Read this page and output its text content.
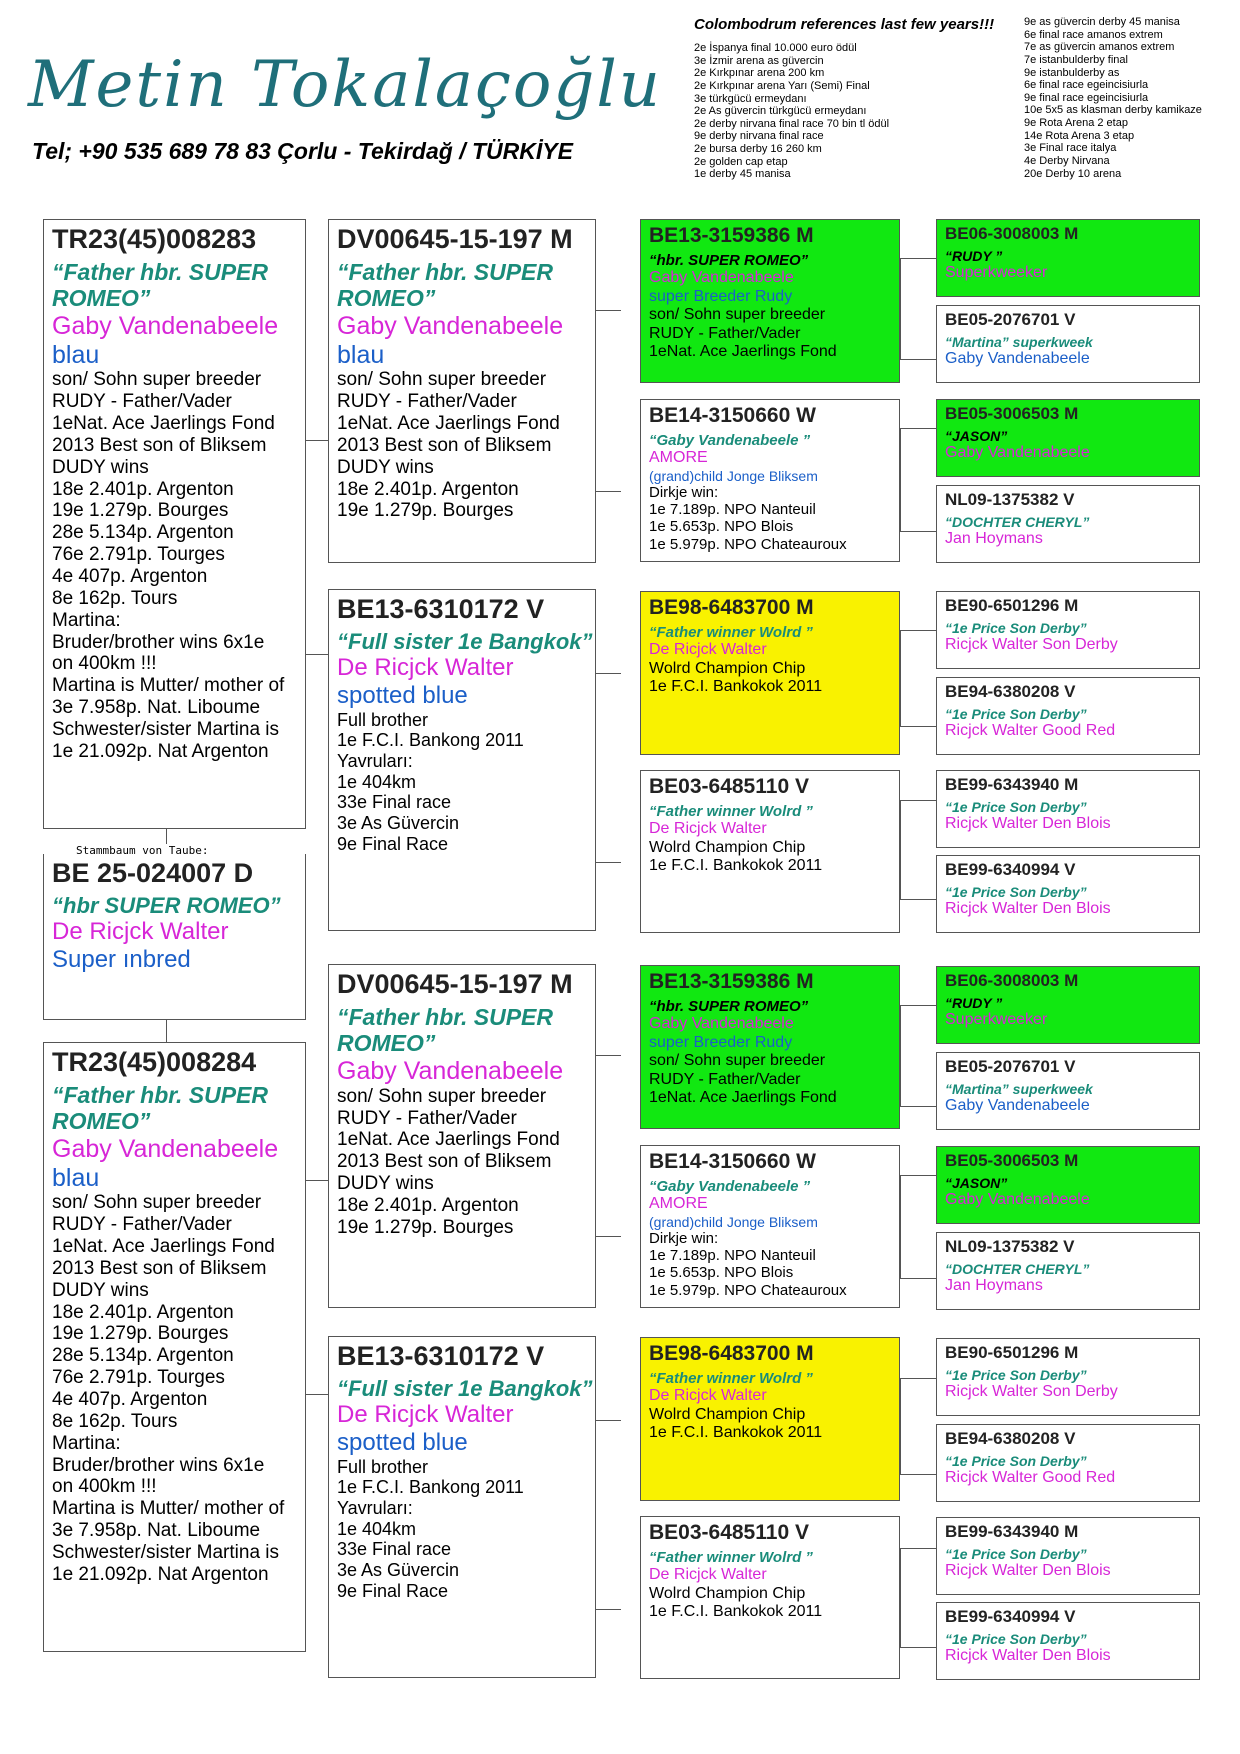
Metin Tokalaçoğlu
Tel; +90 535 689 78 83 Çorlu - Tekirdağ / TÜRKİYE
Colombodrum references last few years!!!
2e İspanya final 10.000 euro ödül
3e İzmir arena as güvercin
2e Kırkpınar arena 200 km
2e Kırkpınar arena Yarı (Semi) Final
3e türkgücü ermeydanı
2e As güvercin türkgücü ermeydanı
2e derby nirvana final race 70 bin tl ödül
9e derby nirvana final race
2e bursa derby 16 260 km
2e golden cap etap
1e derby 45 manisa
9e as güvercin derby 45 manisa
6e final race amanos extrem
7e as güvercin amanos extrem
7e istanbulderby final
9e istanbulderby as
6e final race egeincisiurla
9e final race egeincisiurla
10e 5x5 as klasman derby kamikaze
9e Rota Arena 2 etap
14e Rota Arena 3 etap
3e Final race italya
4e Derby Nirvana
20e Derby 10 arena
TR23(45)008283
“Father hbr. SUPER
ROMEO”
Gaby Vandenabeele
blau
son/ Sohn super breeder
RUDY - Father/Vader
1eNat. Ace Jaerlings Fond
2013 Best son of Bliksem
DUDY wins
18e 2.401p. Argenton
19e 1.279p. Bourges
28e 5.134p. Argenton
76e 2.791p. Tourges
4e 407p. Argenton
8e 162p. Tours
Martina:
Bruder/brother wins 6x1e
on 400km !!!
Martina is Mutter/ mother of
3e 7.958p. Nat. Liboume
Schwester/sister Martina is
1e 21.092p. Nat Argenton
BE 25-024007 D
“hbr SUPER ROMEO”
De Ricjck Walter
Super ınbred
Stammbaum von Taube:
TR23(45)008284
“Father hbr. SUPER
ROMEO”
Gaby Vandenabeele
blau
son/ Sohn super breeder
RUDY - Father/Vader
1eNat. Ace Jaerlings Fond
2013 Best son of Bliksem
DUDY wins
18e 2.401p. Argenton
19e 1.279p. Bourges
28e 5.134p. Argenton
76e 2.791p. Tourges
4e 407p. Argenton
8e 162p. Tours
Martina:
Bruder/brother wins 6x1e
on 400km !!!
Martina is Mutter/ mother of
3e 7.958p. Nat. Liboume
Schwester/sister Martina is
1e 21.092p. Nat Argenton
DV00645-15-197 M
“Father hbr. SUPER
ROMEO”
Gaby Vandenabeele
blau
son/ Sohn super breeder
RUDY - Father/Vader
1eNat. Ace Jaerlings Fond
2013 Best son of Bliksem
DUDY wins
18e 2.401p. Argenton
19e 1.279p. Bourges
BE13-6310172 V
“Full sister 1e Bangkok”
De Ricjck Walter
spotted blue
Full brother
1e F.C.I. Bankong 2011
Yavruları:
1e 404km
33e Final race
3e As Güvercin
9e Final Race
DV00645-15-197 M
“Father hbr. SUPER
ROMEO”
Gaby Vandenabeele
son/ Sohn super breeder
RUDY - Father/Vader
1eNat. Ace Jaerlings Fond
2013 Best son of Bliksem
DUDY wins
18e 2.401p. Argenton
19e 1.279p. Bourges
BE13-6310172 V
“Full sister 1e Bangkok”
De Ricjck Walter
spotted blue
Full brother
1e F.C.I. Bankong 2011
Yavruları:
1e 404km
33e Final race
3e As Güvercin
9e Final Race
BE13-3159386 M
“hbr. SUPER ROMEO”
Gaby Vandenabeele
super Breeder Rudy
son/ Sohn super breeder
RUDY - Father/Vader
1eNat. Ace Jaerlings Fond
BE14-3150660 W
“Gaby Vandenabeele ”
AMORE
(grand)child Jonge Bliksem
Dirkje win:
1e 7.189p. NPO Nanteuil
1e 5.653p. NPO Blois
1e 5.979p. NPO Chateauroux
BE98-6483700 M
“Father winner Wolrd ”
De Ricjck Walter
Wolrd Champion Chip
1e F.C.I. Bankokok 2011
BE03-6485110 V
“Father winner Wolrd ”
De Ricjck Walter
Wolrd Champion Chip
1e F.C.I. Bankokok 2011
BE13-3159386 M
“hbr. SUPER ROMEO”
Gaby Vandenabeele
super Breeder Rudy
son/ Sohn super breeder
RUDY - Father/Vader
1eNat. Ace Jaerlings Fond
BE14-3150660 W
“Gaby Vandenabeele ”
AMORE
(grand)child Jonge Bliksem
Dirkje win:
1e 7.189p. NPO Nanteuil
1e 5.653p. NPO Blois
1e 5.979p. NPO Chateauroux
BE98-6483700 M
“Father winner Wolrd ”
De Ricjck Walter
Wolrd Champion Chip
1e F.C.I. Bankokok 2011
BE03-6485110 V
“Father winner Wolrd ”
De Ricjck Walter
Wolrd Champion Chip
1e F.C.I. Bankokok 2011
BE06-3008003 M
“RUDY ”
Superkweeker
BE05-2076701 V
“Martina” superkweek
Gaby Vandenabeele
BE05-3006503 M
“JASON”
Gaby Vandenabeele
NL09-1375382 V
“DOCHTER CHERYL”
Jan Hoymans
BE90-6501296 M
“1e Price Son Derby”
Ricjck Walter Son Derby
BE94-6380208 V
“1e Price Son Derby”
Ricjck Walter Good Red
BE99-6343940 M
“1e Price Son Derby”
Ricjck Walter Den Blois
BE99-6340994 V
“1e Price Son Derby”
Ricjck Walter Den Blois
BE06-3008003 M
“RUDY ”
Superkweeker
BE05-2076701 V
“Martina” superkweek
Gaby Vandenabeele
BE05-3006503 M
“JASON”
Gaby Vandenabeele
NL09-1375382 V
“DOCHTER CHERYL”
Jan Hoymans
BE90-6501296 M
“1e Price Son Derby”
Ricjck Walter Son Derby
BE94-6380208 V
“1e Price Son Derby”
Ricjck Walter Good Red
BE99-6343940 M
“1e Price Son Derby”
Ricjck Walter Den Blois
BE99-6340994 V
“1e Price Son Derby”
Ricjck Walter Den Blois
